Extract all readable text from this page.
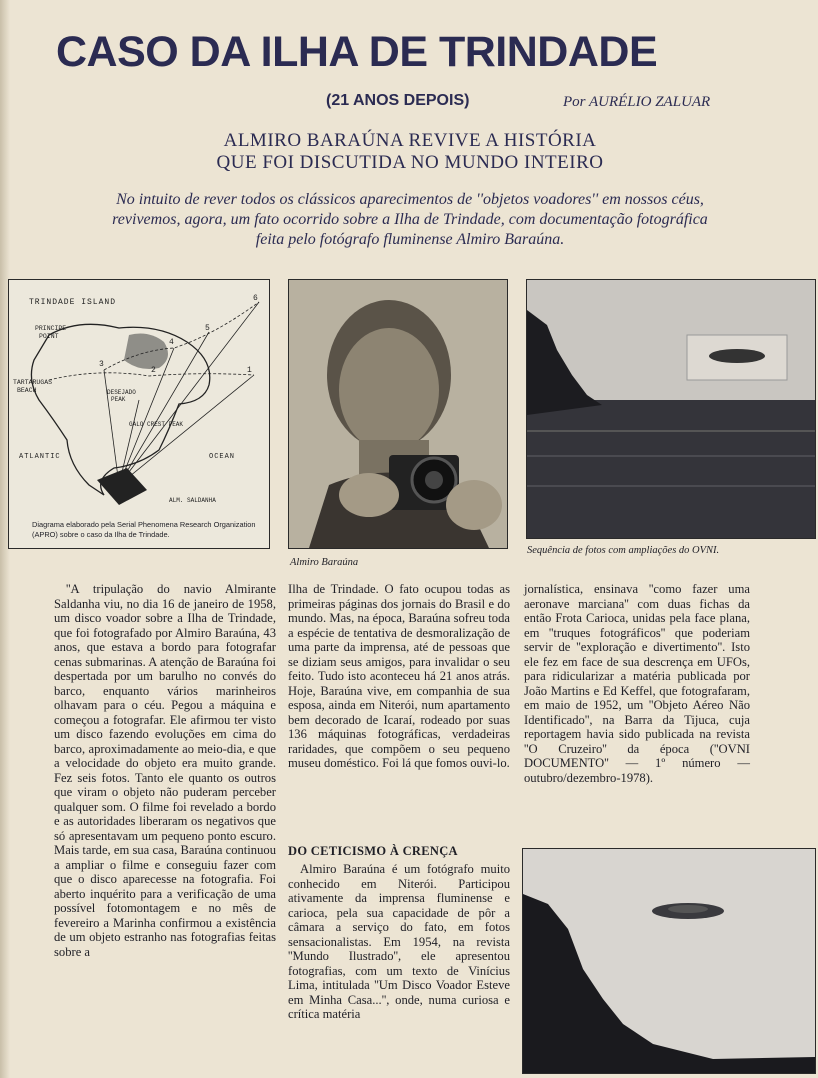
CASO DA ILHA DE TRINDADE
(21 ANOS DEPOIS)	Por AURÉLIO ZALUAR
ALMIRO BARAÚNA REVIVE A HISTÓRIA
QUE FOI DISCUTIDA NO MUNDO INTEIRO

No intuito de rever todos os clássicos aparecimentos de ''objetos voadores'' em nossos céus,
revivemos, agora, um fato ocorrido sobre a Ilha de Trindade, com documentação fotográfica
feita pelo fotógrafo fluminense Almiro Baraúna.

TRINDADE ISLAND	6
5
4
3
2	1
PRINCIPE
POINT
TARTARUGAS
BEACH	DESEJADO
PEAK
GALO CREST PEAK
ATLANTIC	OCEAN
ALM. SALDANHA
Diagrama elaborado pela Serial Phenomena Research Organization (APRO) sobre o caso da Ilha de Trindade.
Almiro Baraúna
Sequência de fotos com ampliações do OVNI.

''A tripulação do navio Almirante Saldanha viu, no dia 16 de janeiro de 1958, um disco voador sobre a Ilha de Trindade, que foi fotografado por Almiro Baraúna, 43 anos, que estava a bordo para fotografar cenas submarinas. A atenção de Baraúna foi despertada por um barulho no convés do barco, enquanto vários marinheiros olhavam para o céu. Pegou a máquina e começou a fotografar. Ele afirmou ter visto um disco fazendo evoluções em cima do barco, aproximadamente ao meio-dia, e que a velocidade do objeto era muito grande. Fez seis fotos. Tanto ele quanto os outros que viram o objeto não puderam perceber qualquer som. O filme foi revelado a bordo e as autoridades liberaram os negativos que só apresentavam um pequeno ponto escuro. Mais tarde, em sua casa, Baraúna continuou a ampliar o filme e conseguiu fazer com que o disco aparecesse na fotografia. Foi aberto inquérito para a verificação de uma possível fotomontagem e no mês de fevereiro a Marinha confirmou a existência de um objeto estranho nas fotografias feitas sobre a

Ilha de Trindade. O fato ocupou todas as primeiras páginas dos jornais do Brasil e do mundo. Mas, na época, Baraúna sofreu toda a espécie de tentativa de desmoralização de uma parte da imprensa, até de pessoas que se diziam seus amigos, para invalidar o seu feito. Tudo isto aconteceu há 21 anos atrás. Hoje, Baraúna vive, em companhia de sua esposa, ainda em Niterói, num apartamento bem decorado de Icaraí, rodeado por suas 136 máquinas fotográficas, verdadeiras raridades, que compõem o seu pequeno museu doméstico. Foi lá que fomos ouvi-lo.

DO CETICISMO À CRENÇA

Almiro Baraúna é um fotógrafo muito conhecido em Niterói. Participou ativamente da imprensa fluminense e carioca, pela sua capacidade de pôr a câmara a serviço do fato, em fotos sensacionalistas. Em 1954, na revista ''Mundo Ilustrado'', ele apresentou fotografias, com um texto de Vinícius Lima, intitulada ''Um Disco Voador Esteve em Minha Casa...'', onde, numa curiosa e crítica matéria

jornalística, ensinava ''como fazer uma aeronave marciana'' com duas fichas da então Frota Carioca, unidas pela face plana, em ''truques fotográficos'' que poderiam servir de ''exploração e divertimento''. Isto ele fez em face de sua descrença em UFOs, para ridicularizar a matéria publicada por João Martins e Ed Keffel, que fotografaram, em maio de 1952, um ''Objeto Aéreo Não Identificado'', na Barra da Tijuca, cuja reportagem havia sido publicada na revista ''O Cruzeiro'' da época (''OVNI DOCUMENTO'' — 1º número — outubro/dezembro-1978).
